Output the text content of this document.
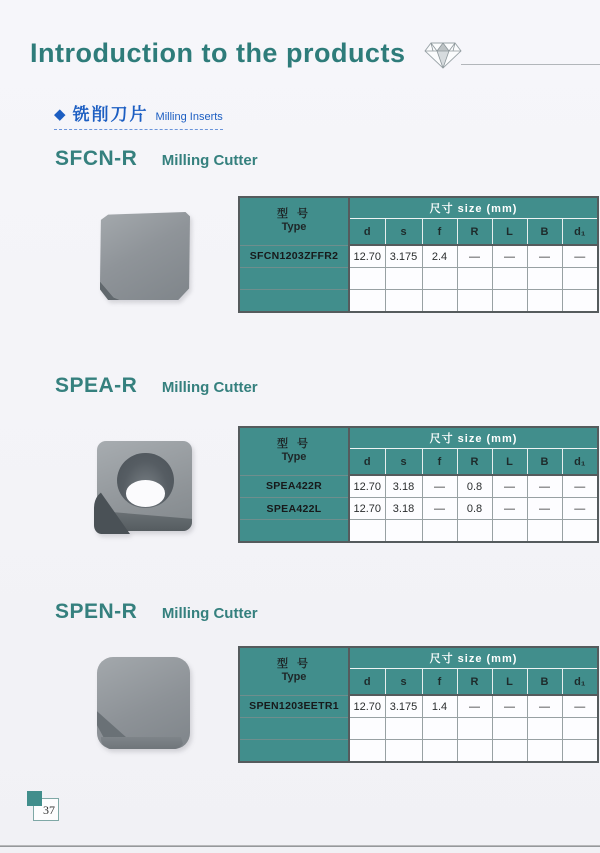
Introduction to the products
◆ 铣削刀片 Milling Inserts
SFCN-R Milling Cutter
型 号
Type	尺寸 size (mm)						
	d	s	f	R	L	B	d₁
SFCN1203ZFFR2	12.70	3.175	2.4	—	—	—	—

SPEA-R Milling Cutter
型 号
Type	尺寸 size (mm)						
	d	s	f	R	L	B	d₁
SPEA422R	12.70	3.18	—	0.8	—	—	—
SPEA422L	12.70	3.18	—	0.8	—	—	—

SPEN-R Milling Cutter
型 号
Type	尺寸 size (mm)						
	d	s	f	R	L	B	d₁
SPEN1203EETR1	12.70	3.175	1.4	—	—	—	—

37
